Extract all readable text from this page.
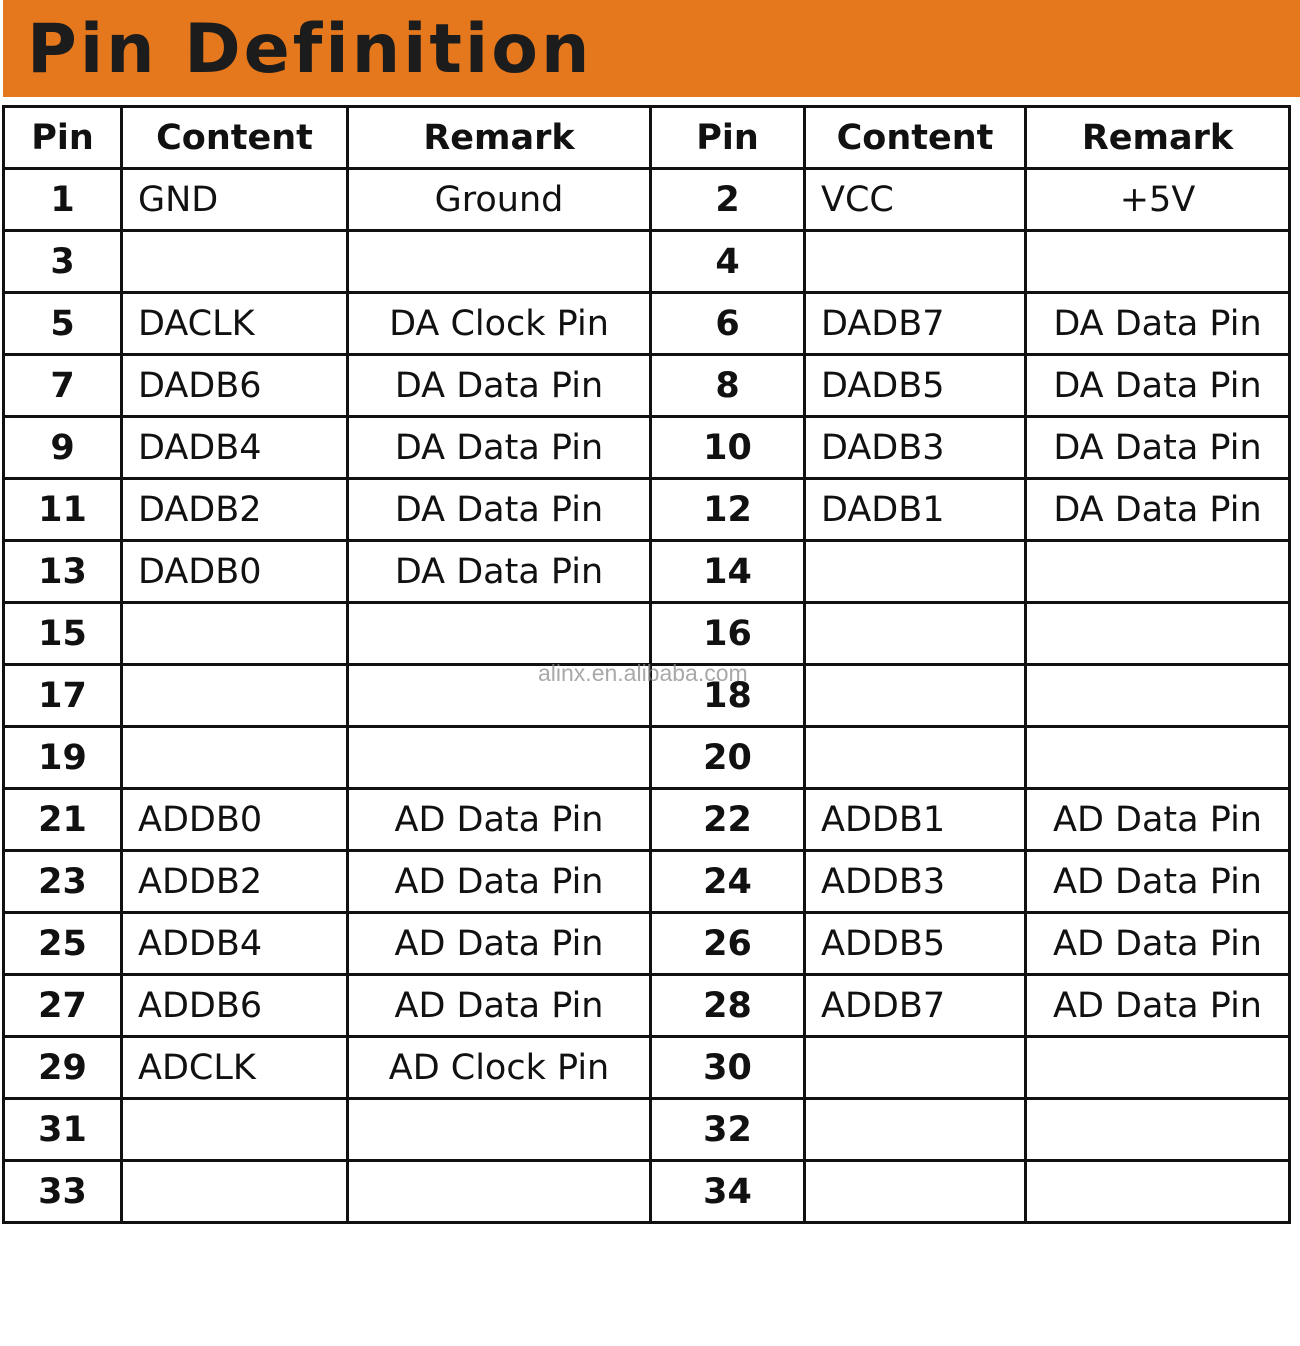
Pin Definition
Pin	Content	Remark	Pin	Content	Remark
1	GND	Ground	2	VCC	+5V
3			4		
5	DACLK	DA Clock Pin	6	DADB7	DA Data Pin
7	DADB6	DA Data Pin	8	DADB5	DA Data Pin
9	DADB4	DA Data Pin	10	DADB3	DA Data Pin
11	DADB2	DA Data Pin	12	DADB1	DA Data Pin
13	DADB0	DA Data Pin	14		
15			16		
17			18		
19			20		
21	ADDB0	AD Data Pin	22	ADDB1	AD Data Pin
23	ADDB2	AD Data Pin	24	ADDB3	AD Data Pin
25	ADDB4	AD Data Pin	26	ADDB5	AD Data Pin
27	ADDB6	AD Data Pin	28	ADDB7	AD Data Pin
29	ADCLK	AD Clock Pin	30		
31			32		
33			34		
alinx.en.alibaba.com
